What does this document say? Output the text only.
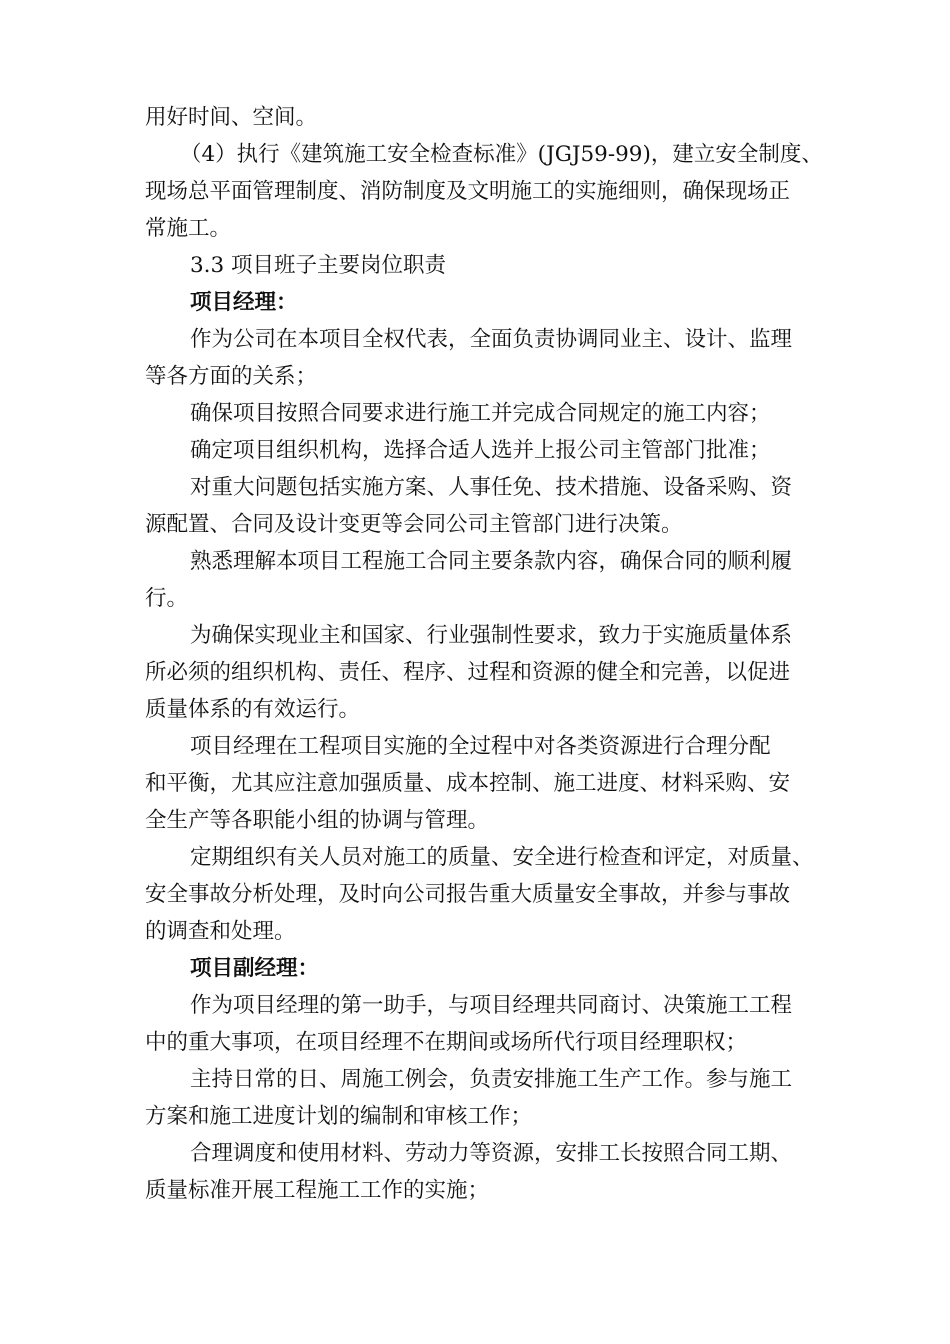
用好时间、空间。

（4）执行《建筑施工安全检查标准》(JGJ59-99)，建立安全制度、

现场总平面管理制度、消防制度及文明施工的实施细则，确保现场正

常施工。

3.3 项目班子主要岗位职责

项目经理：

作为公司在本项目全权代表，全面负责协调同业主、设计、监理

等各方面的关系；

确保项目按照合同要求进行施工并完成合同规定的施工内容；

确定项目组织机构，选择合适人选并上报公司主管部门批准；

对重大问题包括实施方案、人事任免、技术措施、设备采购、资

源配置、合同及设计变更等会同公司主管部门进行决策。

熟悉理解本项目工程施工合同主要条款内容，确保合同的顺利履

行。

为确保实现业主和国家、行业强制性要求，致力于实施质量体系

所必须的组织机构、责任、程序、过程和资源的健全和完善，以促进

质量体系的有效运行。

项目经理在工程项目实施的全过程中对各类资源进行合理分配

和平衡，尤其应注意加强质量、成本控制、施工进度、材料采购、安

全生产等各职能小组的协调与管理。

定期组织有关人员对施工的质量、安全进行检查和评定，对质量、

安全事故分析处理，及时向公司报告重大质量安全事故，并参与事故

的调查和处理。

项目副经理：

作为项目经理的第一助手，与项目经理共同商讨、决策施工工程

中的重大事项，在项目经理不在期间或场所代行项目经理职权；

主持日常的日、周施工例会，负责安排施工生产工作。参与施工

方案和施工进度计划的编制和审核工作；

合理调度和使用材料、劳动力等资源，安排工长按照合同工期、

质量标准开展工程施工工作的实施；
